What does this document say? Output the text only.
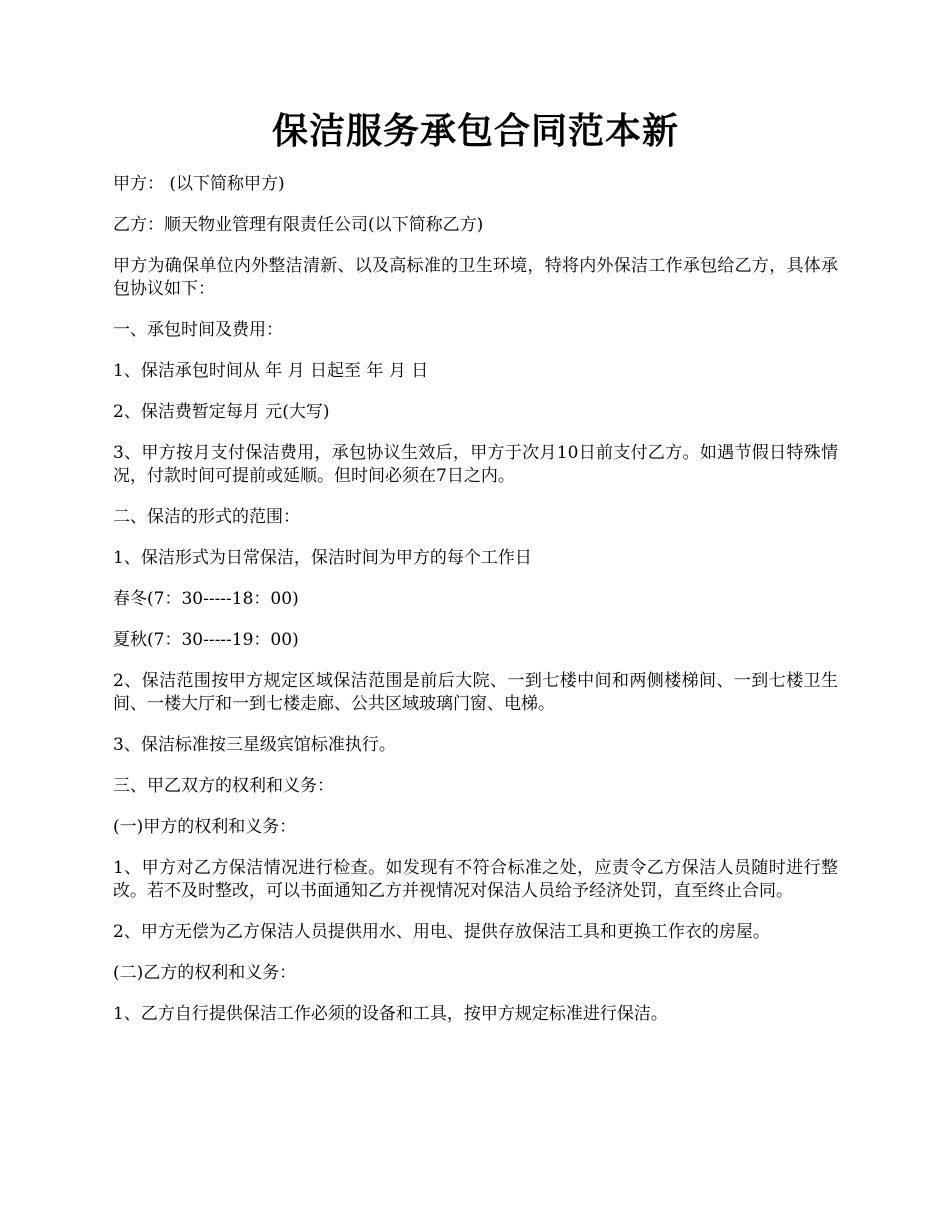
保洁服务承包合同范本新

甲方： (以下简称甲方)

乙方：顺天物业管理有限责任公司(以下简称乙方)

甲方为确保单位内外整洁清新、以及高标准的卫生环境，特将内外保洁工作承包给乙方，具体承包协议如下：

一、承包时间及费用：

1、保洁承包时间从 年 月 日起至 年 月 日

2、保洁费暂定每月 元(大写)

3、甲方按月支付保洁费用，承包协议生效后，甲方于次月10日前支付乙方。如遇节假日特殊情况，付款时间可提前或延顺。但时间必须在7日之内。

二、保洁的形式的范围：

1、保洁形式为日常保洁，保洁时间为甲方的每个工作日

春冬(7：30-----18：00)

夏秋(7：30-----19：00)

2、保洁范围按甲方规定区域保洁范围是前后大院、一到七楼中间和两侧楼梯间、一到七楼卫生间、一楼大厅和一到七楼走廊、公共区域玻璃门窗、电梯。

3、保洁标准按三星级宾馆标准执行。

三、甲乙双方的权利和义务：

(一)甲方的权利和义务：

1、甲方对乙方保洁情况进行检查。如发现有不符合标准之处，应责令乙方保洁人员随时进行整改。若不及时整改，可以书面通知乙方并视情况对保洁人员给予经济处罚，直至终止合同。

2、甲方无偿为乙方保洁人员提供用水、用电、提供存放保洁工具和更换工作衣的房屋。

(二)乙方的权利和义务：

1、乙方自行提供保洁工作必须的设备和工具，按甲方规定标准进行保洁。
